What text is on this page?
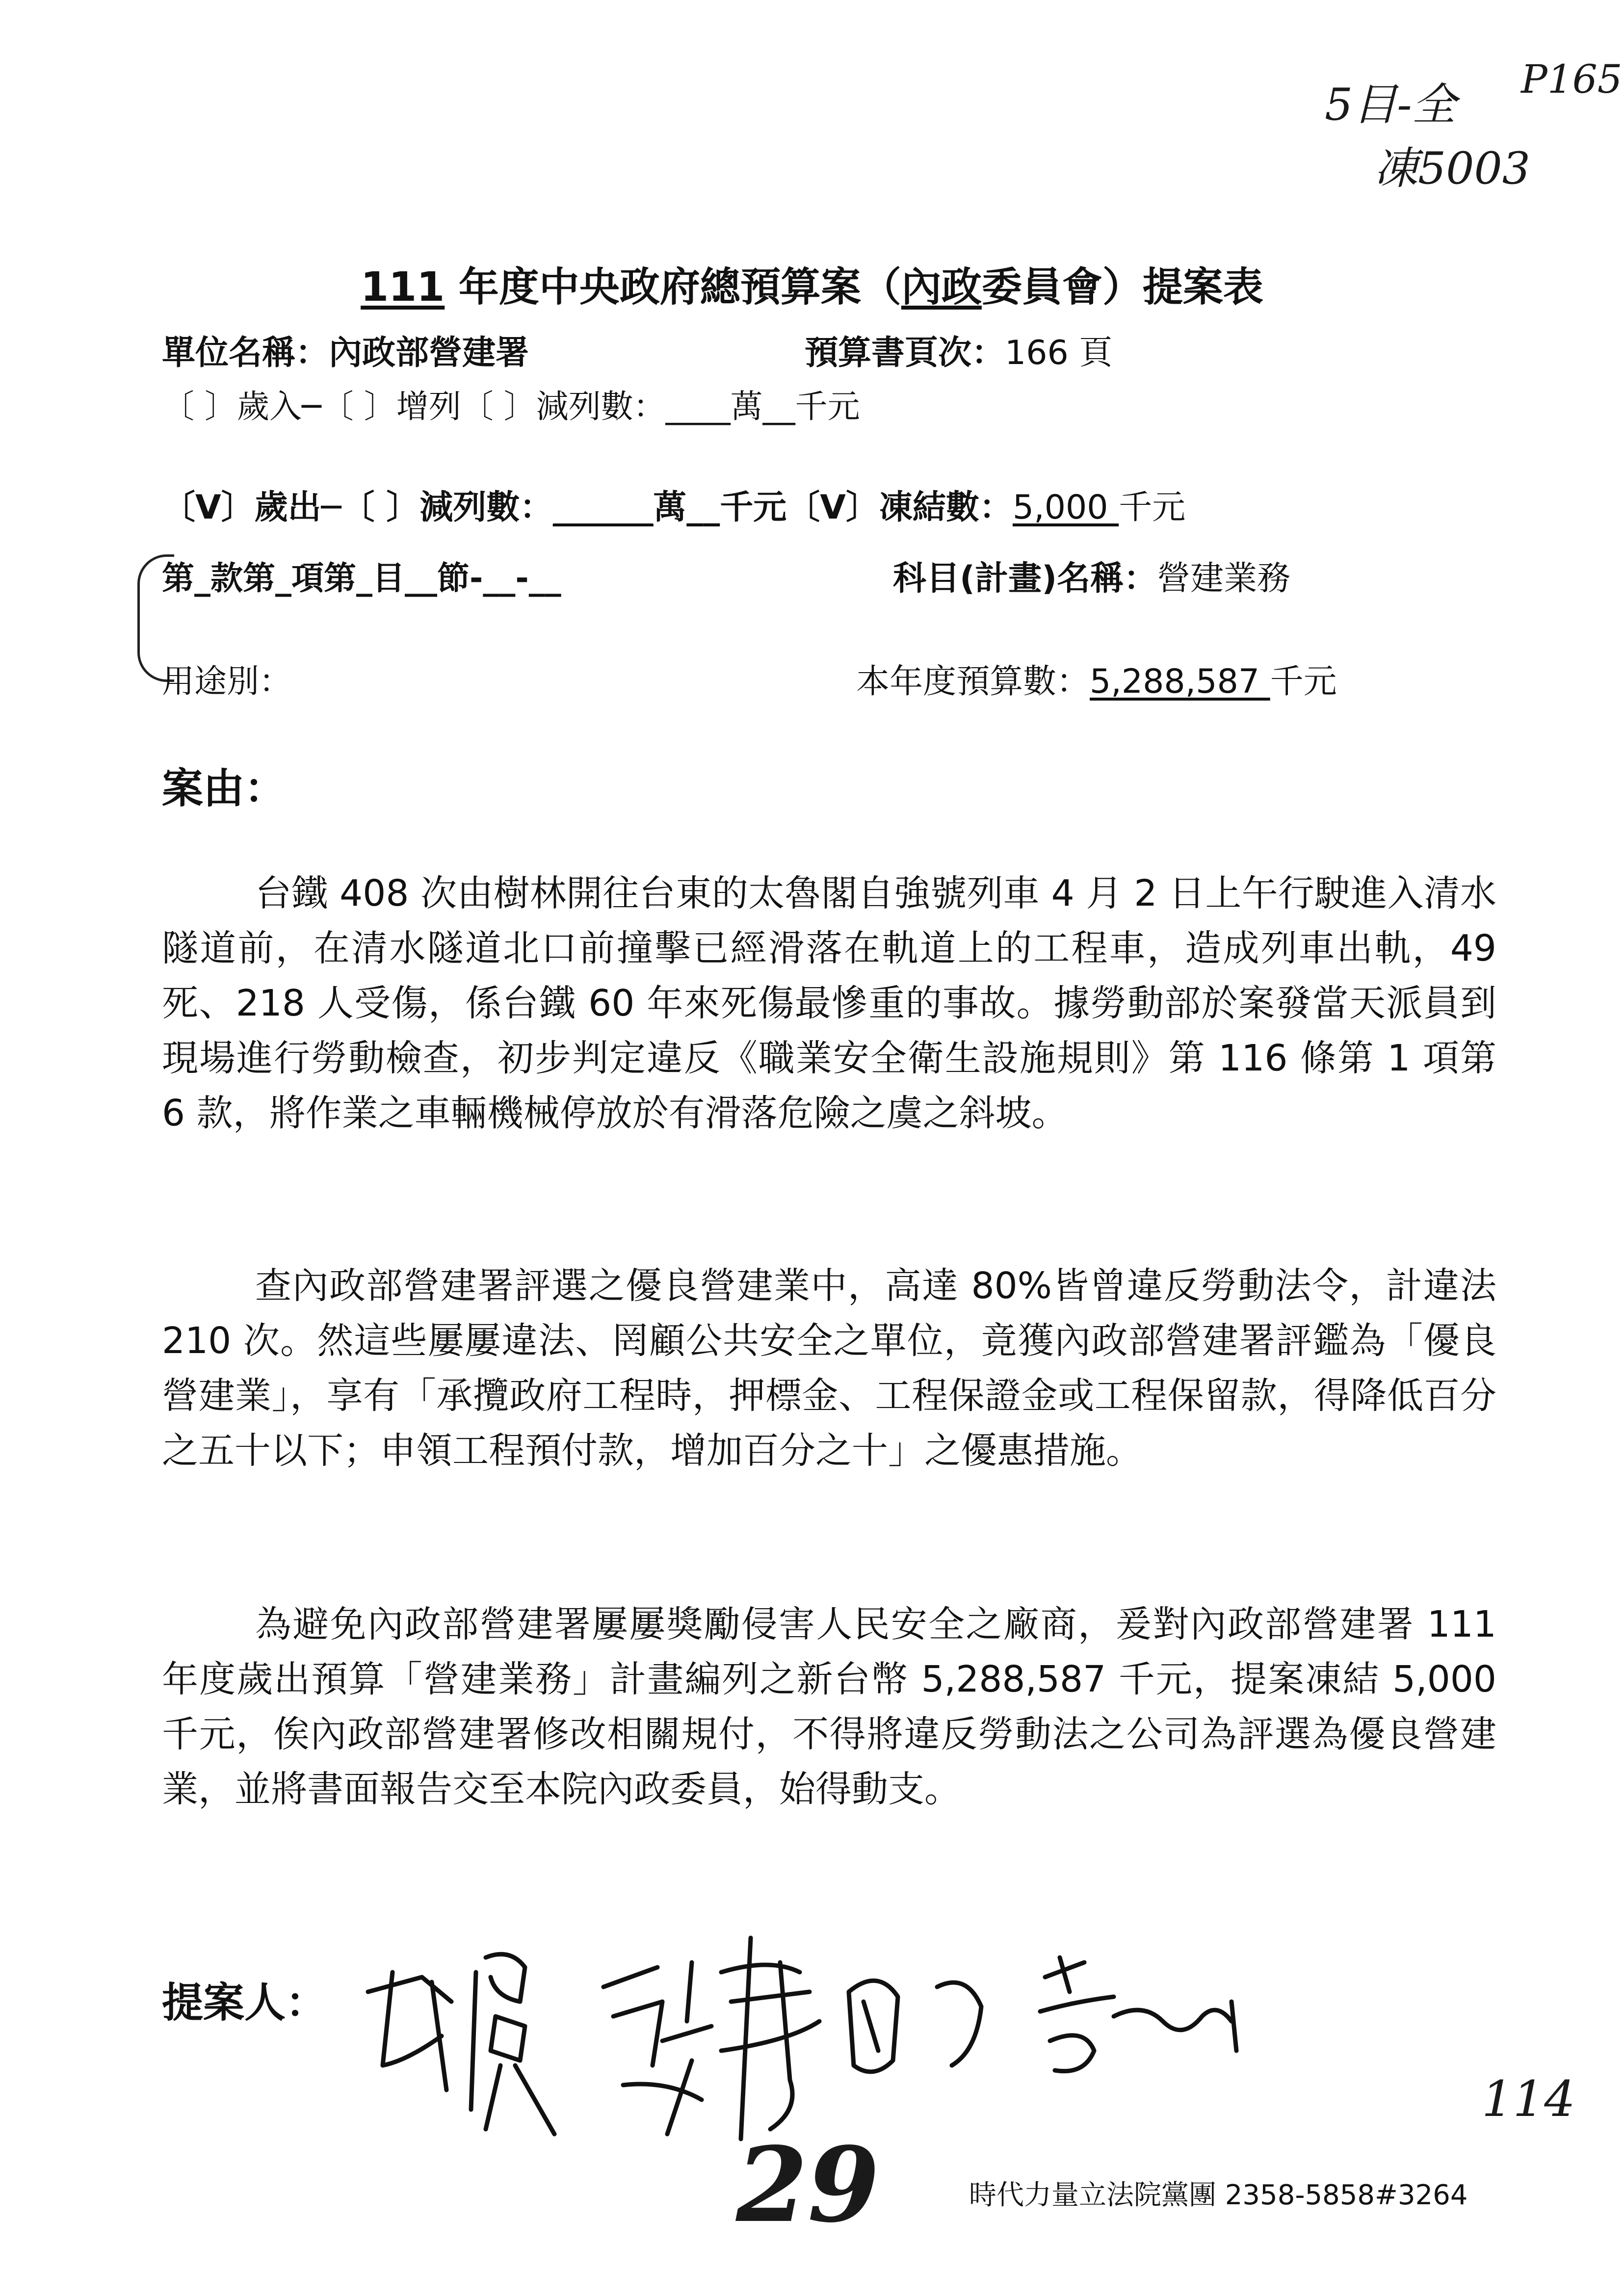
5目-全 P165
凍5003
111 年度中央政府總預算案（內政委員會）提案表
單位名稱：內政部營建署	預算書頁次：166 頁
〔 〕歲入─〔 〕增列〔 〕減列數：____萬__千元
〔V〕歲出─〔 〕減列數：______萬__千元〔V〕凍結數：5,000 千元
第_款第_項第_目__節-__-__	科目(計畫)名稱：營建業務
用途別：	本年度預算數：5,288,587 千元
案由：
台鐵 408 次由樹林開往台東的太魯閣自強號列車 4 月 2 日上午行駛進入清水隧道前，在清水隧道北口前撞擊已經滑落在軌道上的工程車，造成列車出軌，49 死、218 人受傷，係台鐵 60 年來死傷最慘重的事故。據勞動部於案發當天派員到現場進行勞動檢查，初步判定違反《職業安全衛生設施規則》第 116 條第 1 項第 6 款，將作業之車輛機械停放於有滑落危險之虞之斜坡。
查內政部營建署評選之優良營建業中，高達 80%皆曾違反勞動法令，計違法 210 次。然這些屢屢違法、罔顧公共安全之單位，竟獲內政部營建署評鑑為「優良營建業」，享有「承攬政府工程時，押標金、工程保證金或工程保留款，得降低百分之五十以下；申領工程預付款，增加百分之十」之優惠措施。
為避免內政部營建署屢屢獎勵侵害人民安全之廠商，爰對內政部營建署 111 年度歲出預算「營建業務」計畫編列之新台幣 5,288,587 千元，提案凍結 5,000 千元，俟內政部營建署修改相關規付，不得將違反勞動法之公司為評選為優良營建業，並將書面報告交至本院內政委員，始得動支。
提案人：
114
29	時代力量立法院黨團 2358-5858#3264
